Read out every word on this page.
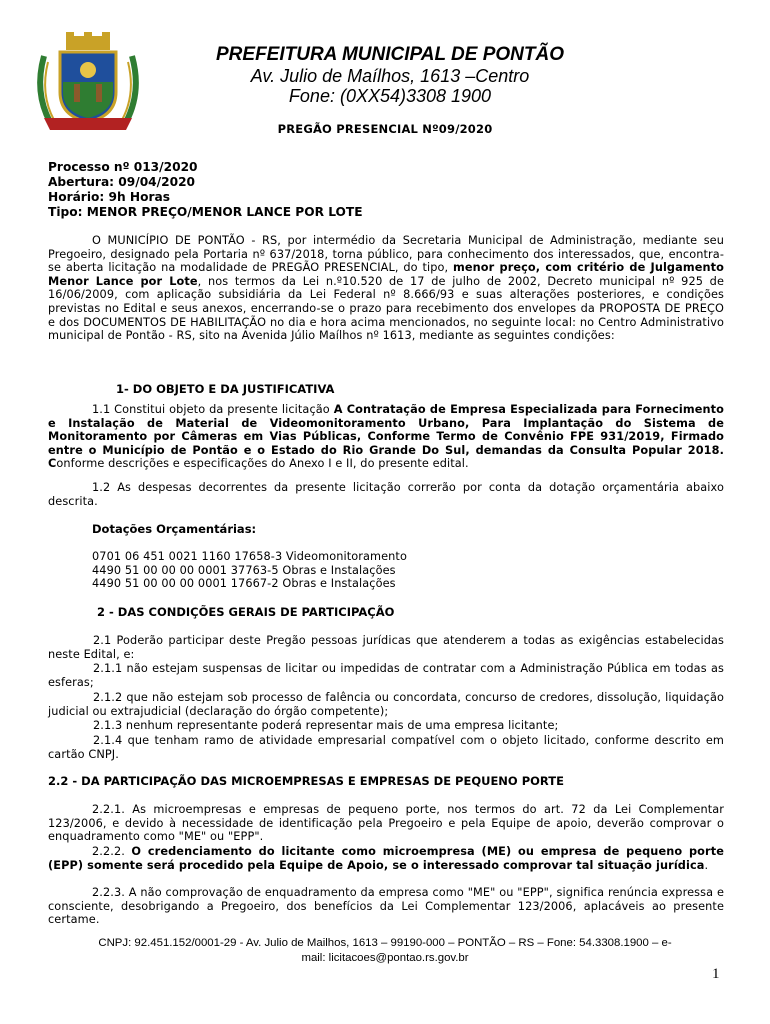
PREFEITURA MUNICIPAL DE PONTÃO
Av. Julio de Maílhos, 1613 –Centro
Fone: (0XX54)3308 1900
PREGÃO PRESENCIAL Nº09/2020
Processo nº 013/2020
Abertura: 09/04/2020
Horário: 9h Horas
Tipo: MENOR PREÇO/MENOR LANCE POR LOTE

O MUNICÍPIO DE PONTÃO - RS, por intermédio da Secretaria Municipal de Administração, mediante seu Pregoeiro, designado pela Portaria nº 637/2018, torna público, para conhecimento dos interessados, que, encontra-se aberta licitação na modalidade de PREGÃO PRESENCIAL, do tipo, menor preço, com critério de Julgamento Menor Lance por Lote, nos termos da Lei n.º10.520 de 17 de julho de 2002, Decreto municipal nº 925 de 16/06/2009, com aplicação subsidiária da Lei Federal nº 8.666/93 e suas alterações posteriores, e condições previstas no Edital e seus anexos, encerrando-se o prazo para recebimento dos envelopes da PROPOSTA DE PREÇO e dos DOCUMENTOS DE HABILITAÇÃO no dia e hora acima mencionados, no seguinte local: no Centro Administrativo municipal de Pontão - RS, sito na Avenida Júlio Maílhos nº 1613, mediante as seguintes condições:

1- DO OBJETO E DA JUSTIFICATIVA

1.1 Constitui objeto da presente licitação A Contratação de Empresa Especializada para Fornecimento e Instalação de Material de Videomonitoramento Urbano, Para Implantação do Sistema de Monitoramento por Câmeras em Vias Públicas, Conforme Termo de Convênio FPE 931/2019, Firmado entre o Município de Pontão e o Estado do Rio Grande Do Sul, demandas da Consulta Popular 2018. Conforme descrições e especificações do Anexo I e II, do presente edital.

1.2 As despesas decorrentes da presente licitação correrão por conta da dotação orçamentária abaixo descrita.

Dotações Orçamentárias:
0701 06 451 0021 1160 17658-3 Videomonitoramento
4490 51 00 00 00 0001 37763-5 Obras e Instalações
4490 51 00 00 00 0001 17667-2 Obras e Instalações
2 - DAS CONDIÇÕES GERAIS DE PARTICIPAÇÃO

2.1 Poderão participar deste Pregão pessoas jurídicas que atenderem a todas as exigências estabelecidas neste Edital, e:

2.1.1 não estejam suspensas de licitar ou impedidas de contratar com a Administração Pública em todas as esferas;

2.1.2 que não estejam sob processo de falência ou concordata, concurso de credores, dissolução, liquidação judicial ou extrajudicial (declaração do órgão competente);

2.1.3 nenhum representante poderá representar mais de uma empresa licitante;

2.1.4 que tenham ramo de atividade empresarial compatível com o objeto licitado, conforme descrito em cartão CNPJ.

2.2 - DA PARTICIPAÇÃO DAS MICROEMPRESAS E EMPRESAS DE PEQUENO PORTE

2.2.1. As microempresas e empresas de pequeno porte, nos termos do art. 72 da Lei Complementar 123/2006, e devido à necessidade de identificação pela Pregoeiro e pela Equipe de apoio, deverão comprovar o enquadramento como "ME" ou "EPP".

2.2.2. O credenciamento do licitante como microempresa (ME) ou empresa de pequeno porte (EPP) somente será procedido pela Equipe de Apoio, se o interessado comprovar tal situação jurídica.

2.2.3. A não comprovação de enquadramento da empresa como "ME" ou "EPP", significa renúncia expressa e consciente, desobrigando a Pregoeiro, dos benefícios da Lei Complementar 123/2006, aplacáveis ao presente certame.

CNPJ: 92.451.152/0001-29 - Av. Julio de Mailhos, 1613 – 99190-000 – PONTÃO – RS – Fone: 54.3308.1900 – e-
mail: licitacoes@pontao.rs.gov.br
1
